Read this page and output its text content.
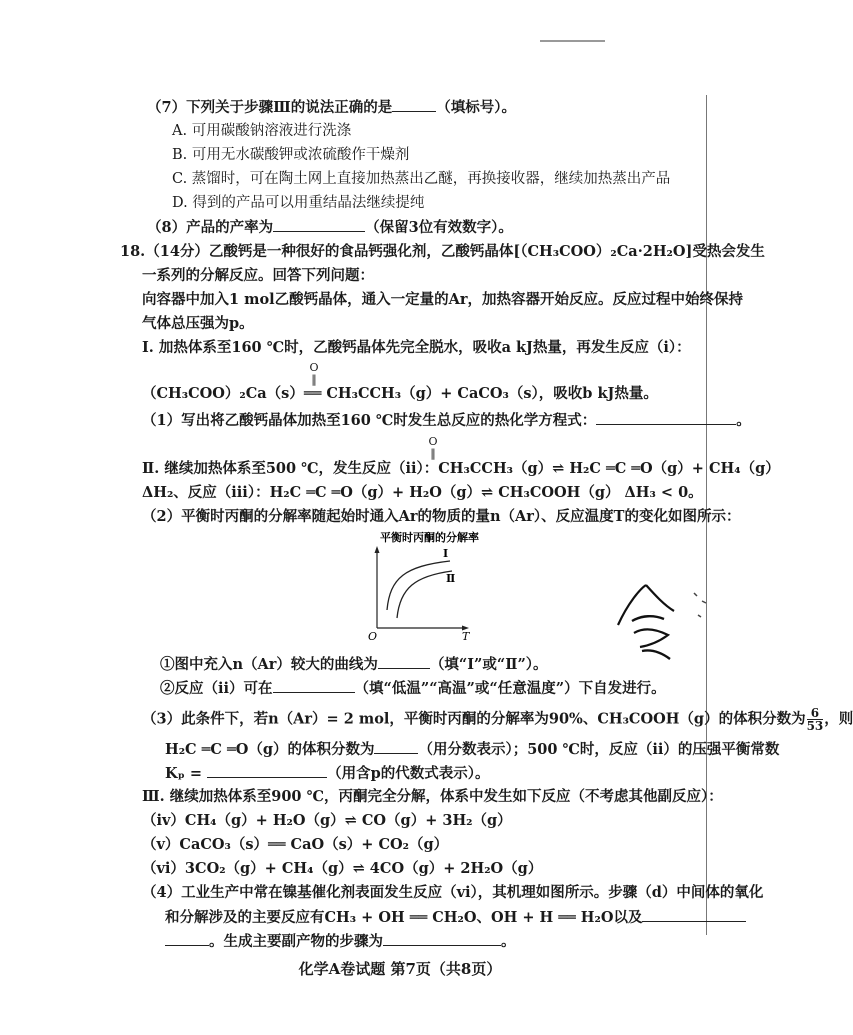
（7）下列关于步骤Ⅲ的说法正确的是	（填标号）。
A. 可用碳酸钠溶液进行洗涤
B. 可用无水碳酸钾或浓硫酸作干燥剂
C. 蒸馏时，可在陶土网上直接加热蒸出乙醚，再换接收器，继续加热蒸出产品
D. 得到的产品可以用重结晶法继续提纯
（8）产品的产率为	（保留3位有效数字）。
18.（14分）乙酸钙是一种很好的食品钙强化剂，乙酸钙晶体[（CH₃COO）₂Ca·2H₂O]受热会发生
一系列的分解反应。回答下列问题：
向容器中加入1 mol乙酸钙晶体，通入一定量的Ar，加热容器开始反应。反应过程中始终保持
气体总压强为p。
Ⅰ. 加热体系至160 ℃时，乙酸钙晶体先完全脱水，吸收a kJ热量，再发生反应（ⅰ）：
O
‖
（CH₃COO）₂Ca（s）══ CH₃CCH₃（g）+ CaCO₃（s），吸收b kJ热量。
（1）写出将乙酸钙晶体加热至160 ℃时发生总反应的热化学方程式：	。
O
‖
Ⅱ. 继续加热体系至500 ℃，发生反应（ⅱ）：CH₃CCH₃（g）⇌ H₂C ═C ═O（g）+ CH₄（g）
ΔH₂、反应（ⅲ）：H₂C ═C ═O（g）+ H₂O（g）⇌ CH₃COOH（g） ΔH₃ < 0。
（2）平衡时丙酮的分解率随起始时通入Ar的物质的量n（Ar）、反应温度T的变化如图所示：
平衡时丙酮的分解率
Ⅰ
Ⅱ
O	T
①图中充入n（Ar）较大的曲线为	（填“Ⅰ”或“Ⅱ”）。
②反应（ⅱ）可在	（填“低温”“高温”或“任意温度”）下自发进行。
（3）此条件下，若n（Ar）= 2 mol，平衡时丙酮的分解率为90%、CH₃COOH（g）的体积分数为 $\frac{6}{53}$ ，则
H₂C ═C ═O（g）的体积分数为	（用分数表示）；500 ℃时，反应（ⅱ）的压强平衡常数
Kₚ =	（用含p的代数式表示）。
Ⅲ. 继续加热体系至900 ℃，丙酮完全分解，体系中发生如下反应（不考虑其他副反应）：
（ⅳ）CH₄（g）+ H₂O（g）⇌ CO（g）+ 3H₂（g）
（ⅴ）CaCO₃（s）══ CaO（s）+ CO₂（g）
（ⅵ）3CO₂（g）+ CH₄（g）⇌ 4CO（g）+ 2H₂O（g）
（4）工业生产中常在镍基催化剂表面发生反应（ⅵ），其机理如图所示。步骤（d）中间体的氧化
和分解涉及的主要反应有CH₃ + OH ══ CH₂O、OH + H ══ H₂O以及
。生成主要副产物的步骤为	。
化学A卷试题 第7页（共8页）
